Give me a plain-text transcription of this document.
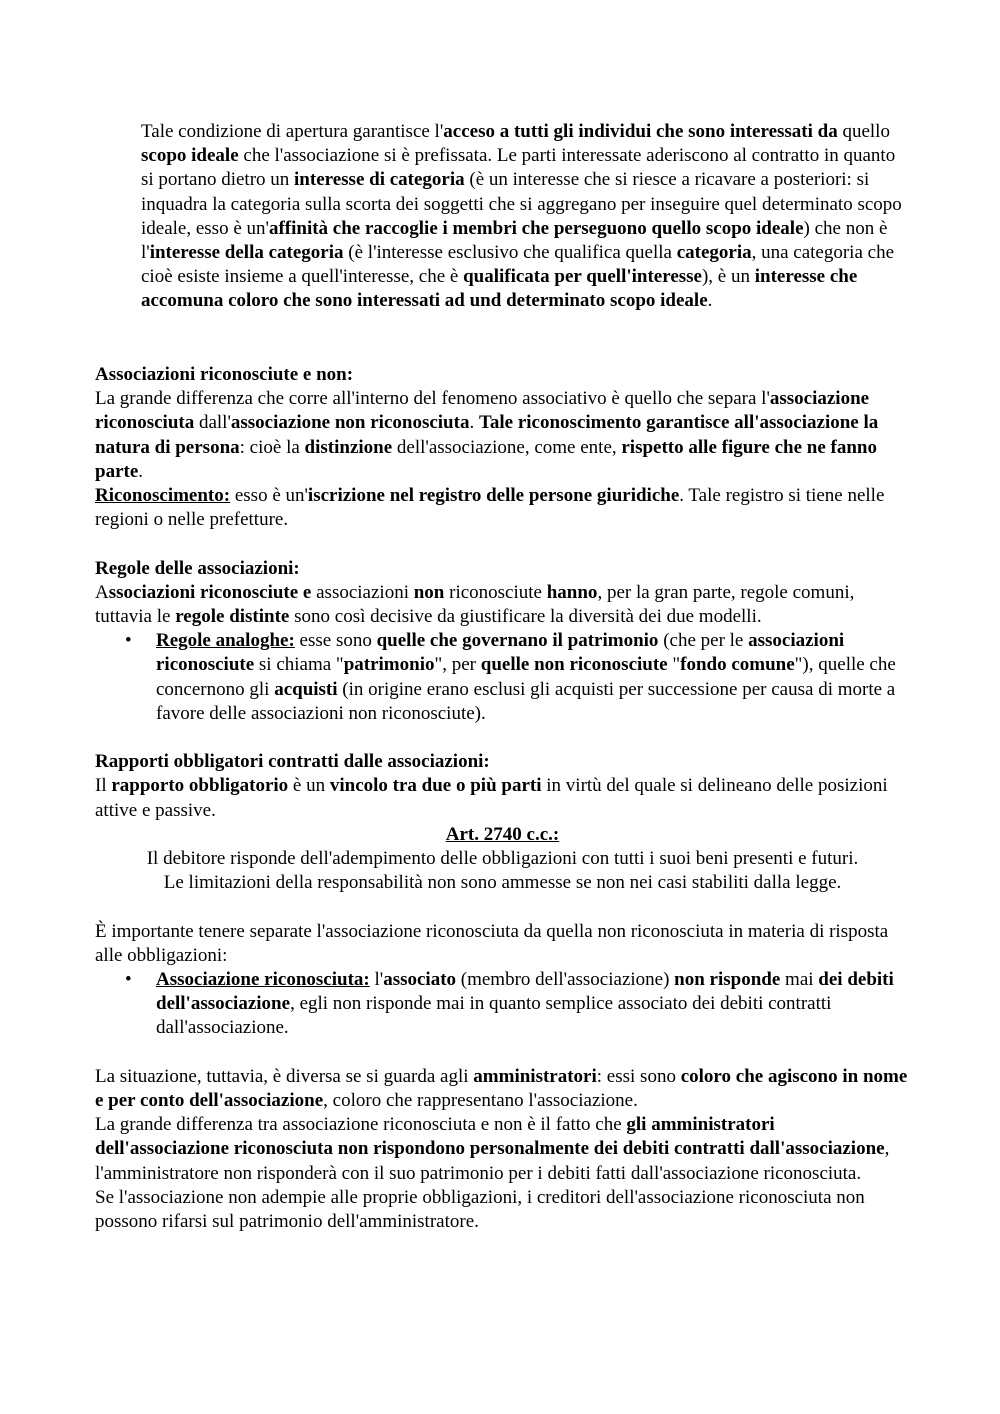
Tale condizione di apertura garantisce l'acceso a tutti gli individui che sono interessati da quello scopo ideale che l'associazione si è prefissata. Le parti interessate aderiscono al contratto in quanto si portano dietro un interesse di categoria (è un interesse che si riesce a ricavare a posteriori: si inquadra la categoria sulla scorta dei soggetti che si aggregano per inseguire quel determinato scopo ideale, esso è un'affinità che raccoglie i membri che perseguono quello scopo ideale) che non è l'interesse della categoria (è l'interesse esclusivo che qualifica quella categoria, una categoria che cioè esiste insieme a quell'interesse, che è qualificata per quell'interesse), è un interesse che accomuna coloro che sono interessati ad und determinato scopo ideale.

Associazioni riconosciute e non:

La grande differenza che corre all'interno del fenomeno associativo è quello che separa l'associazione riconosciuta dall'associazione non riconosciuta. Tale riconoscimento garantisce all'associazione la natura di persona: cioè la distinzione dell'associazione, come ente, rispetto alle figure che ne fanno parte.

Riconoscimento: esso è un'iscrizione nel registro delle persone giuridiche. Tale registro si tiene nelle regioni o nelle prefetture.

Regole delle associazioni:

Associazioni riconosciute e associazioni non riconosciute hanno, per la gran parte, regole comuni, tuttavia le regole distinte sono così decisive da giustificare la diversità dei due modelli.

• Regole analoghe: esse sono quelle che governano il patrimonio (che per le associazioni riconosciute si chiama "patrimonio", per quelle non riconosciute "fondo comune"), quelle che concernono gli acquisti (in origine erano esclusi gli acquisti per successione per causa di morte a favore delle associazioni non riconosciute).

Rapporti obbligatori contratti dalle associazioni:

Il rapporto obbligatorio è un vincolo tra due o più parti in virtù del quale si delineano delle posizioni attive e passive.

Art. 2740 c.c.:

Il debitore risponde dell'adempimento delle obbligazioni con tutti i suoi beni presenti e futuri.

Le limitazioni della responsabilità non sono ammesse se non nei casi stabiliti dalla legge.

È importante tenere separate l'associazione riconosciuta da quella non riconosciuta in materia di risposta alle obbligazioni:

• Associazione riconosciuta: l'associato (membro dell'associazione) non risponde mai dei debiti dell'associazione, egli non risponde mai in quanto semplice associato dei debiti contratti dall'associazione.

La situazione, tuttavia, è diversa se si guarda agli amministratori: essi sono coloro che agiscono in nome e per conto dell'associazione, coloro che rappresentano l'associazione.

La grande differenza tra associazione riconosciuta e non è il fatto che gli amministratori dell'associazione riconosciuta non rispondono personalmente dei debiti contratti dall'associazione, l'amministratore non risponderà con il suo patrimonio per i debiti fatti dall'associazione riconosciuta.

Se l'associazione non adempie alle proprie obbligazioni, i creditori dell'associazione riconosciuta non possono rifarsi sul patrimonio dell'amministratore.
